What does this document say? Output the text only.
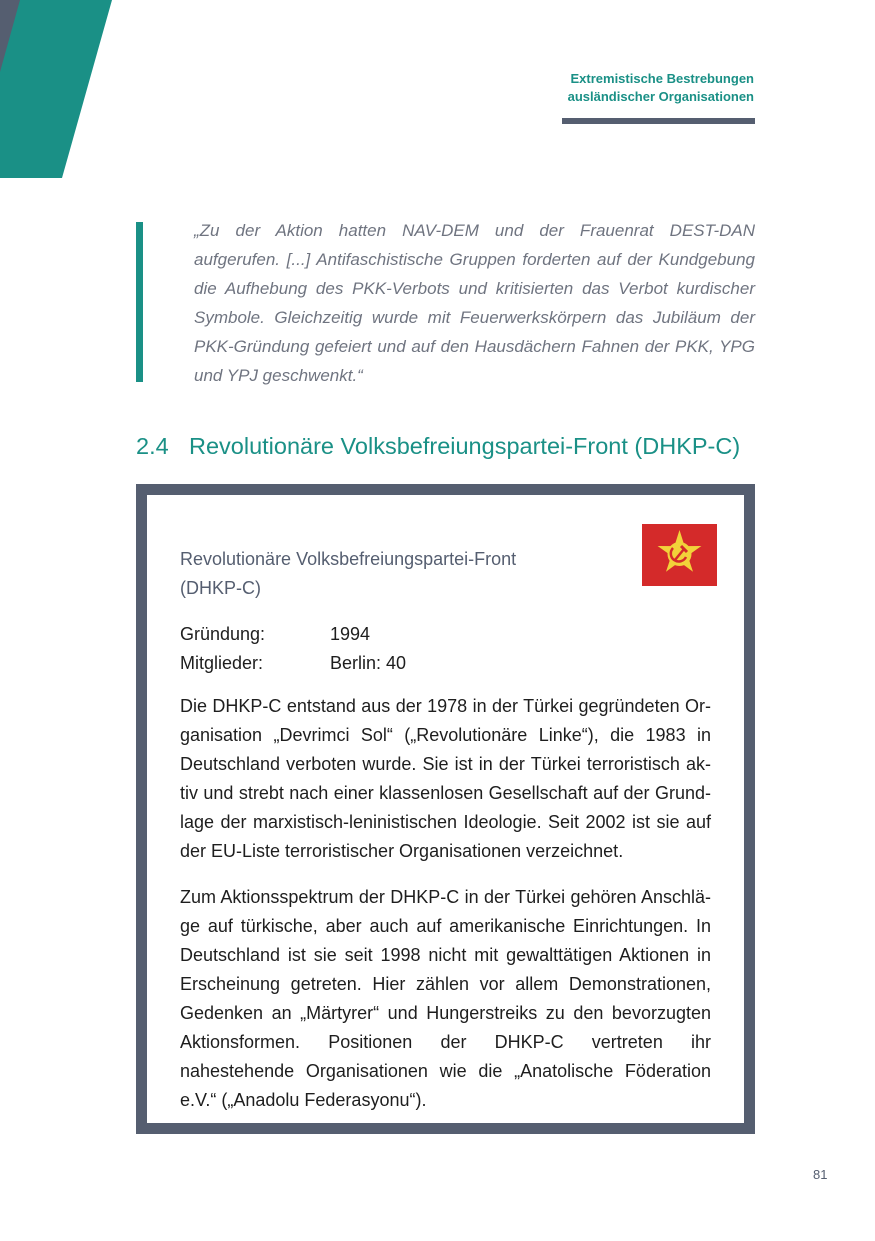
Extremistische Bestrebungen
ausländischer Organisationen

„Zu der Aktion hatten NAV-DEM und der Frauenrat DEST-DAN aufgerufen. [...] Antifaschistische Gruppen forderten auf der Kundgebung die Aufhebung des PKK-Verbots und kritisierten das Verbot kurdischer Symbole. Gleichzeitig wurde mit Feuerwerkskörpern das Jubiläum der PKK-Gründung gefeiert und auf den Hausdächern Fahnen der PKK, YPG und YPJ geschwenkt.“

2.4 Revolutionäre Volksbefreiungspartei-Front (DHKP-C)
Revolutionäre Volksbefreiungspartei-Front
(DHKP-C)
Gründung:	1994
Mitglieder:	Berlin: 40

Die DHKP-C entstand aus der 1978 in der Türkei gegründeten Organisation „Devrimci Sol“ („Revolutionäre Linke“), die 1983 in Deutschland verboten wurde. Sie ist in der Türkei terroristisch aktiv und strebt nach einer klassenlosen Gesellschaft auf der Grundlage der marxistisch-leninistischen Ideologie. Seit 2002 ist sie auf der EU-Liste terroristischer Organisationen verzeichnet.

Zum Aktionsspektrum der DHKP-C in der Türkei gehören Anschläge auf türkische, aber auch auf amerikanische Einrichtungen. In Deutschland ist sie seit 1998 nicht mit gewalttätigen Aktionen in Erscheinung getreten. Hier zählen vor allem Demonstrationen, Gedenken an „Märtyrer“ und Hungerstreiks zu den bevorzugten Aktionsformen. Positionen der DHKP-C vertreten ihr nahestehende Organisationen wie die „Anatolische Föderation e.V.“ („Anadolu Federasyonu“).

81
